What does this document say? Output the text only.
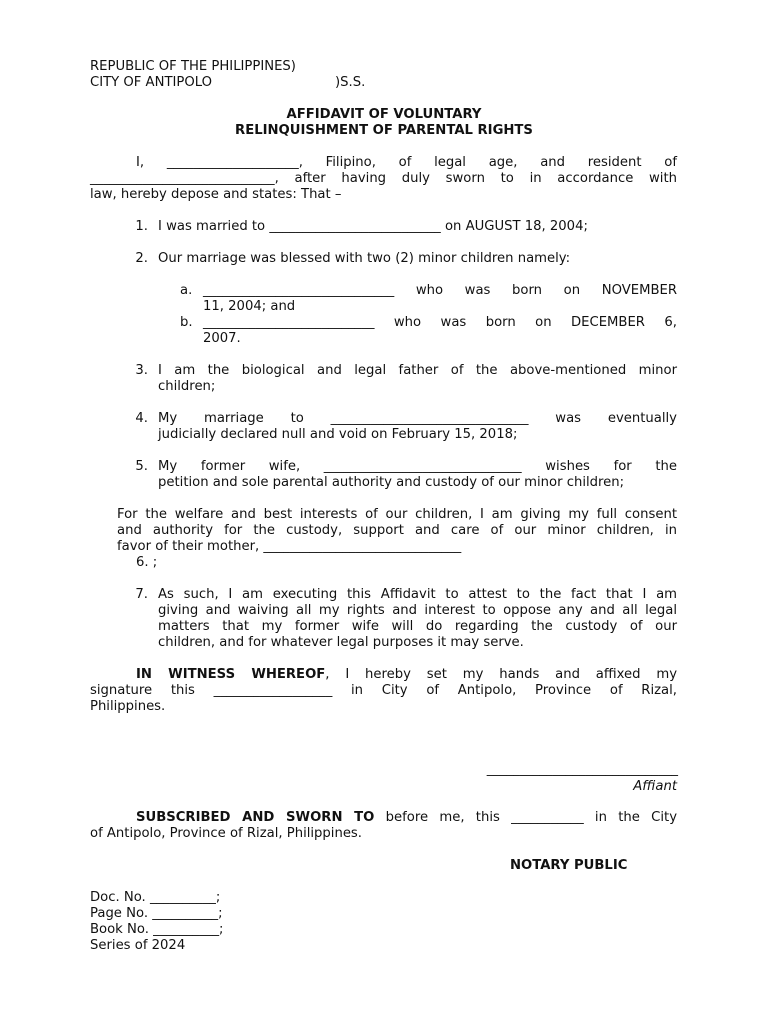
REPUBLIC OF THE PHILIPPINES)
CITY OF ANTIPOLO	)S.S.
AFFIDAVIT OF VOLUNTARY
RELINQUISHMENT OF PARENTAL RIGHTS
I, ____________________, Filipino, of legal age, and resident of
____________________________, after having duly sworn to in accordance with
law, hereby depose and states: That –
1. I was married to __________________________ on AUGUST 18, 2004;
2. Our marriage was blessed with two (2) minor children namely:
a. _____________________________ who was born on NOVEMBER
11, 2004; and
b. __________________________ who was born on DECEMBER 6,
2007.
3. I am the biological and legal father of the above-mentioned minor
children;
4. My marriage to ______________________________ was eventually
judicially declared null and void on February 15, 2018;
5. My former wife, ______________________________ wishes for the
petition and sole parental authority and custody of our minor children;
For the welfare and best interests of our children, I am giving my full consent
and authority for the custody, support and care of our minor children, in
favor of their mother, ______________________________
6. ;
7. As such, I am executing this Affidavit to attest to the fact that I am
giving and waiving all my rights and interest to oppose any and all legal
matters that my former wife will do regarding the custody of our
children, and for whatever legal purposes it may serve.
IN WITNESS WHEREOF, I hereby set my hands and affixed my
signature this __________________ in City of Antipolo, Province of Rizal,
Philippines.
_____________________________
Affiant
SUBSCRIBED AND SWORN TO before me, this ___________ in the City
of Antipolo, Province of Rizal, Philippines.
NOTARY PUBLIC
Doc. No. __________;
Page No. __________;
Book No. __________;
Series of 2024
